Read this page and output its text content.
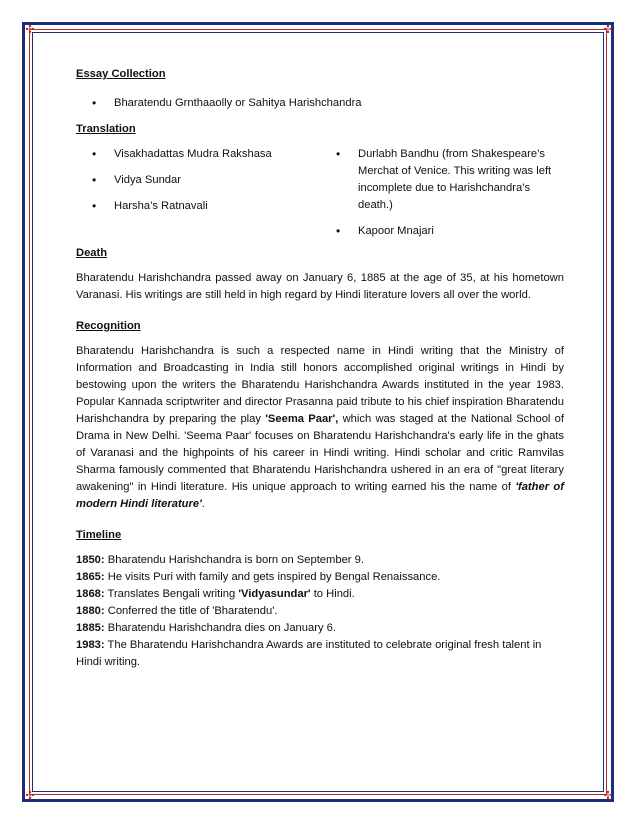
✣	✣
✣	✣

Essay Collection

• Bharatendu Grnthaaolly or Sahitya Harishchandra

Translation

• Visakhadattas Mudra Rakshasa
• Vidya Sundar
• Harsha’s Ratnavali
• Durlabh Bandhu (from Shakespeare’s Merchat of Venice. This writing was left incomplete due to Harishchandra’s death.)
• Kapoor Mnajari

Death

Bharatendu Harishchandra passed away on January 6, 1885 at the age of 35, at his hometown Varanasi. His writings are still held in high regard by Hindi literature lovers all over the world.

Recognition

Bharatendu Harishchandra is such a respected name in Hindi writing that the Ministry of Information and Broadcasting in India still honors accomplished original writings in Hindi by bestowing upon the writers the Bharatendu Harishchandra Awards instituted in the year 1983. Popular Kannada scriptwriter and director Prasanna paid tribute to his chief inspiration Bharatendu Harishchandra by preparing the play 'Seema Paar', which was staged at the National School of Drama in New Delhi. 'Seema Paar' focuses on Bharatendu Harishchandra's early life in the ghats of Varanasi and the highpoints of his career in Hindi writing. Hindi scholar and critic Ramvilas Sharma famously commented that Bharatendu Harishchandra ushered in an era of "great literary awakening" in Hindi literature. His unique approach to writing earned his the name of 'father of modern Hindi literature'.

Timeline

1850: Bharatendu Harishchandra is born on September 9.

1865: He visits Puri with family and gets inspired by Bengal Renaissance.

1868: Translates Bengali writing 'Vidyasundar' to Hindi.

1880: Conferred the title of 'Bharatendu'.

1885: Bharatendu Harishchandra dies on January 6.

1983: The Bharatendu Harishchandra Awards are instituted to celebrate original fresh talent in Hindi writing.
